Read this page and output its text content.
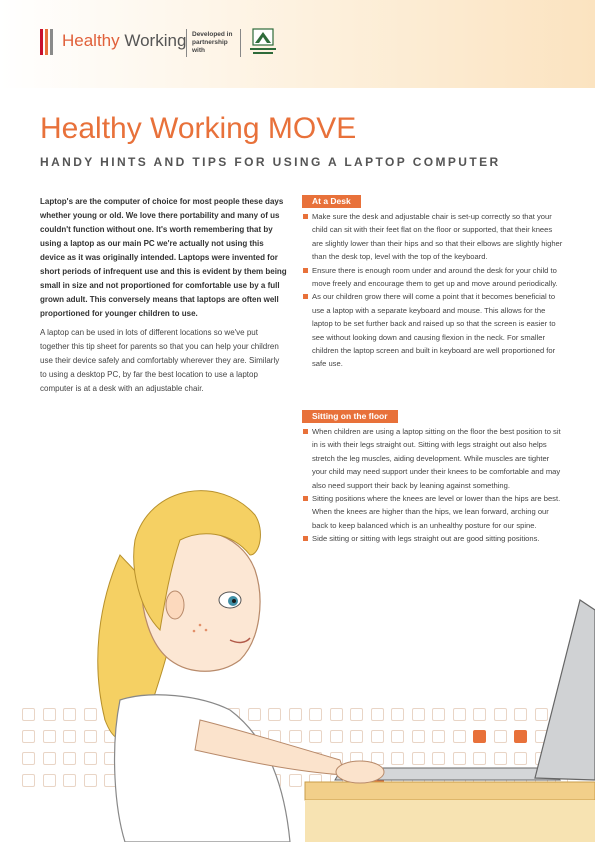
Healthy Working Developed in
partnership
with
Healthy Working MOVE
HANDY HINTS AND TIPS FOR USING A LAPTOP COMPUTER

Laptop's are the computer of choice for most people these days whether young or old. We love there portability and many of us couldn't function without one. It's worth remembering that by using a laptop as our main PC we're actually not using this device as it was originally intended. Laptops were invented for short periods of infrequent use and this is evident by them being small in size and not proportioned for comfortable use by a full grown adult. This conversely means that laptops are often well proportioned for younger children to use.

A laptop can be used in lots of different locations so we've put together this tip sheet for parents so that you can help your children use their device safely and comfortably wherever they are. Similarly to using a desktop PC, by far the best location to use a laptop computer is at a desk with an adjustable chair.

At a Desk
Make sure the desk and adjustable chair is set-up correctly so that your child can sit with their feet flat on the floor or supported, that their knees are slightly lower than their hips and so that their elbows are slightly higher than the desk top, level with the top of the keyboard.
Ensure there is enough room under and around the desk for your child to move freely and encourage them to get up and move around periodically.
As our children grow there will come a point that it becomes beneficial to use a laptop with a separate keyboard and mouse. This allows for the laptop to be set further back and raised up so that the screen is easier to see without looking down and causing flexion in the neck. For smaller children the laptop screen and built in keyboard are well proportioned for safe use.
Sitting on the floor
When children are using a laptop sitting on the floor the best position to sit in is with their legs straight out. Sitting with legs straight out also helps stretch the leg muscles, aiding development. While muscles are tighter your child may need support under their knees to be comfortable and may also need support their back by leaning against something.
Sitting positions where the knees are level or lower than the hips are best. When the knees are higher than the hips, we lean forward, arching our back to keep balanced which is an unhealthy posture for our spine.
Side sitting or sitting with legs straight out are good sitting positions.
